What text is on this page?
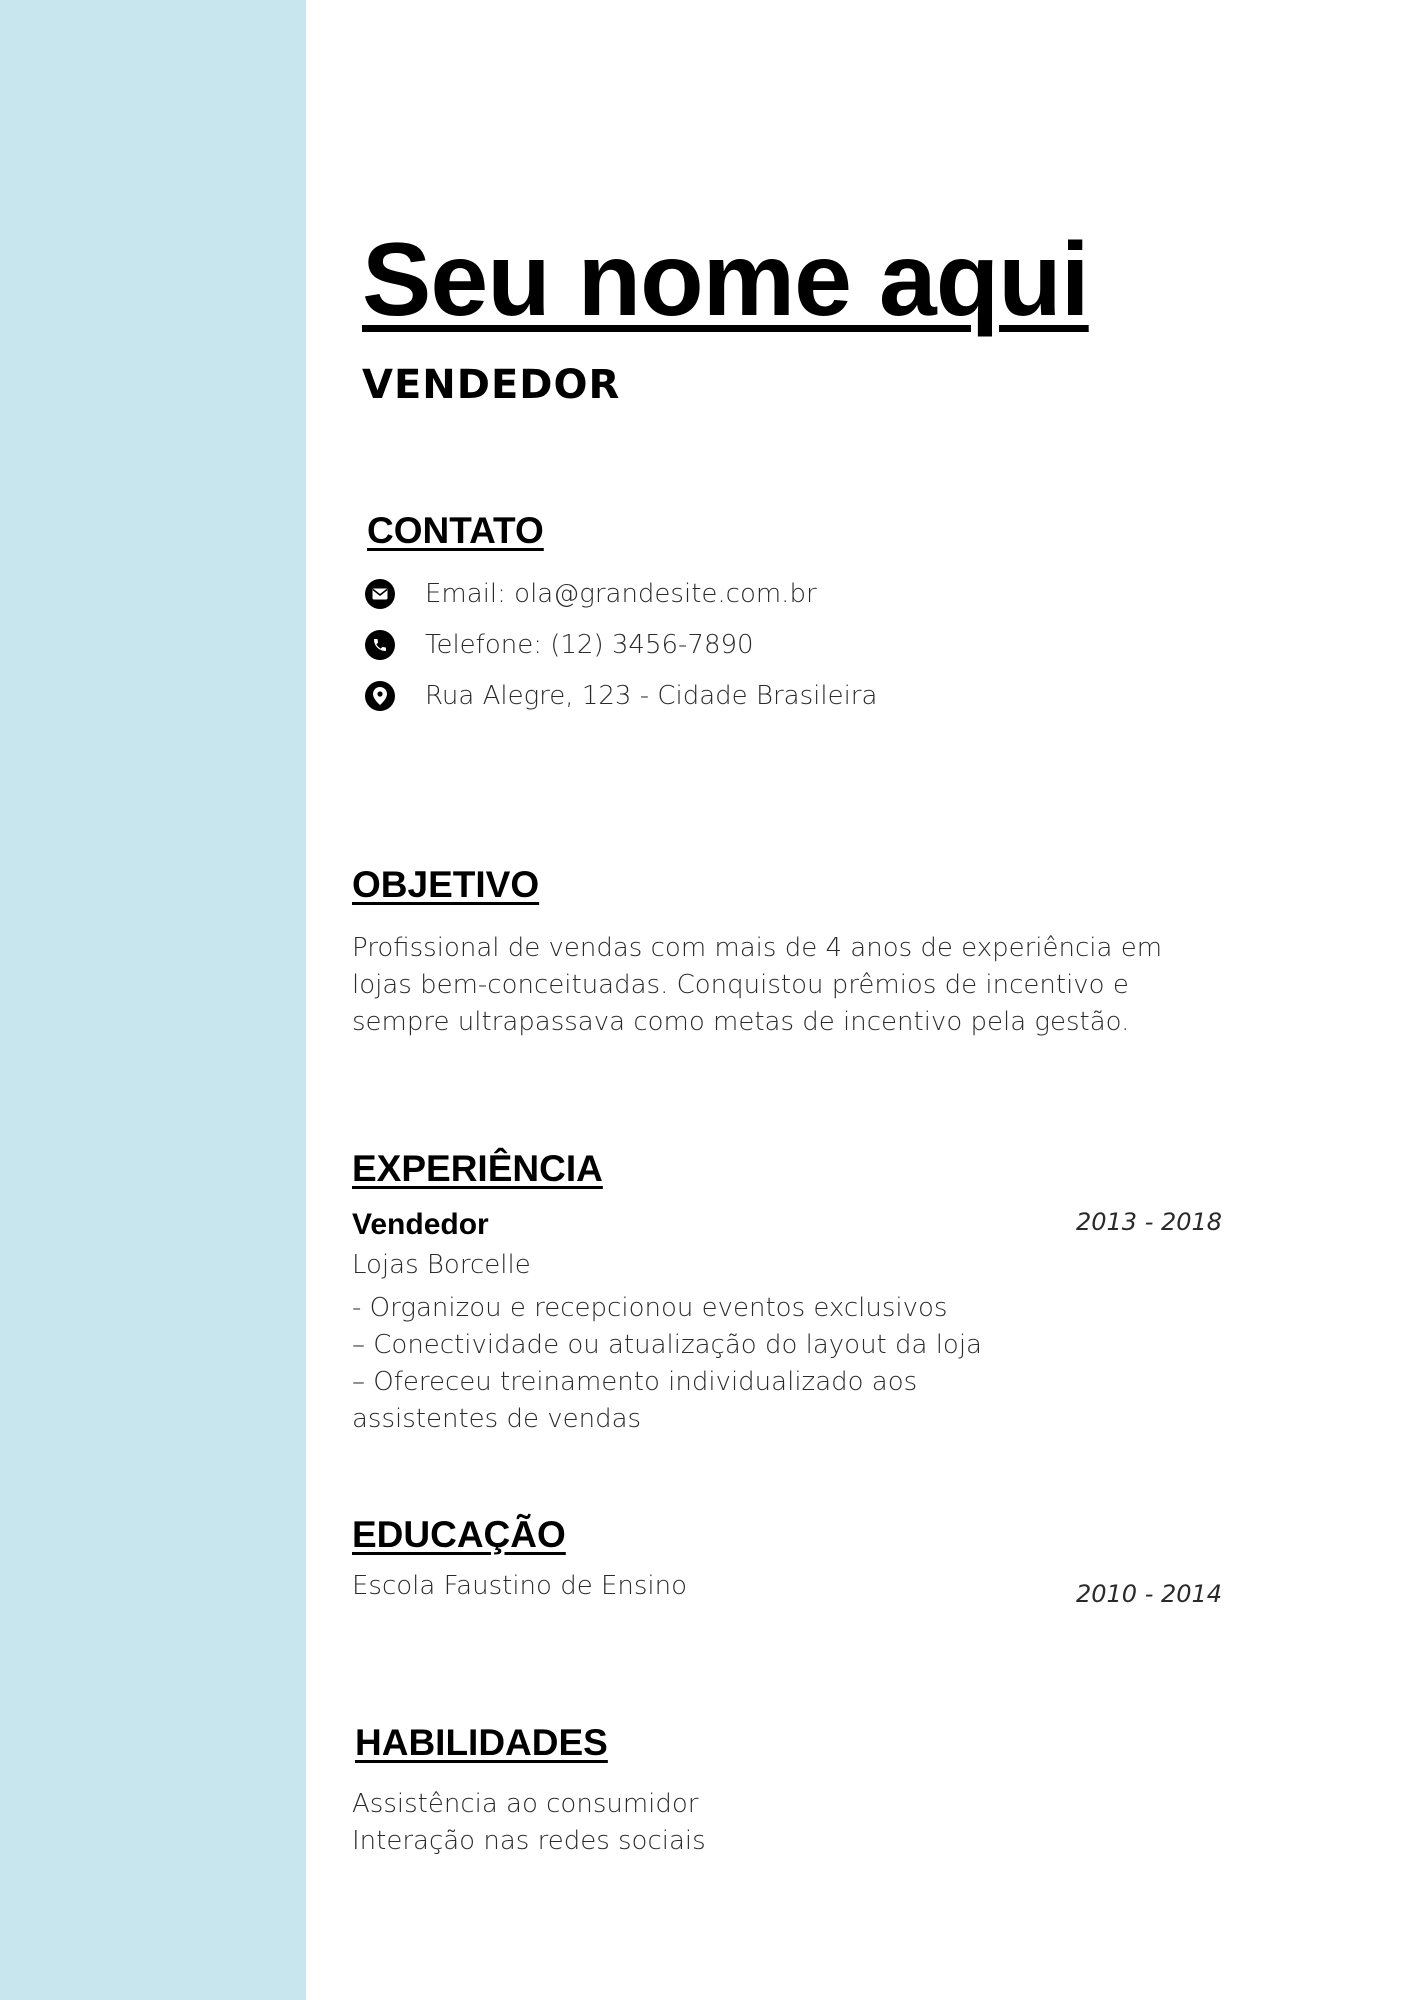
Seu nome aqui
VENDEDOR
CONTATO
Email: ola@grandesite.com.br
Telefone: (12) 3456-7890
Rua Alegre, 123 - Cidade Brasileira
OBJETIVO
Profissional de vendas com mais de 4 anos de experiência em
lojas bem-conceituadas. Conquistou prêmios de incentivo e
sempre ultrapassava como metas de incentivo pela gestão.
EXPERIÊNCIA
Vendedor	2013 - 2018
Lojas Borcelle
- Organizou e recepcionou eventos exclusivos
– Conectividade ou atualização do layout da loja
– Ofereceu treinamento individualizado aos
assistentes de vendas
EDUCAÇÃO
Escola Faustino de Ensino	2010 - 2014
HABILIDADES
Assistência ao consumidor
Interação nas redes sociais
